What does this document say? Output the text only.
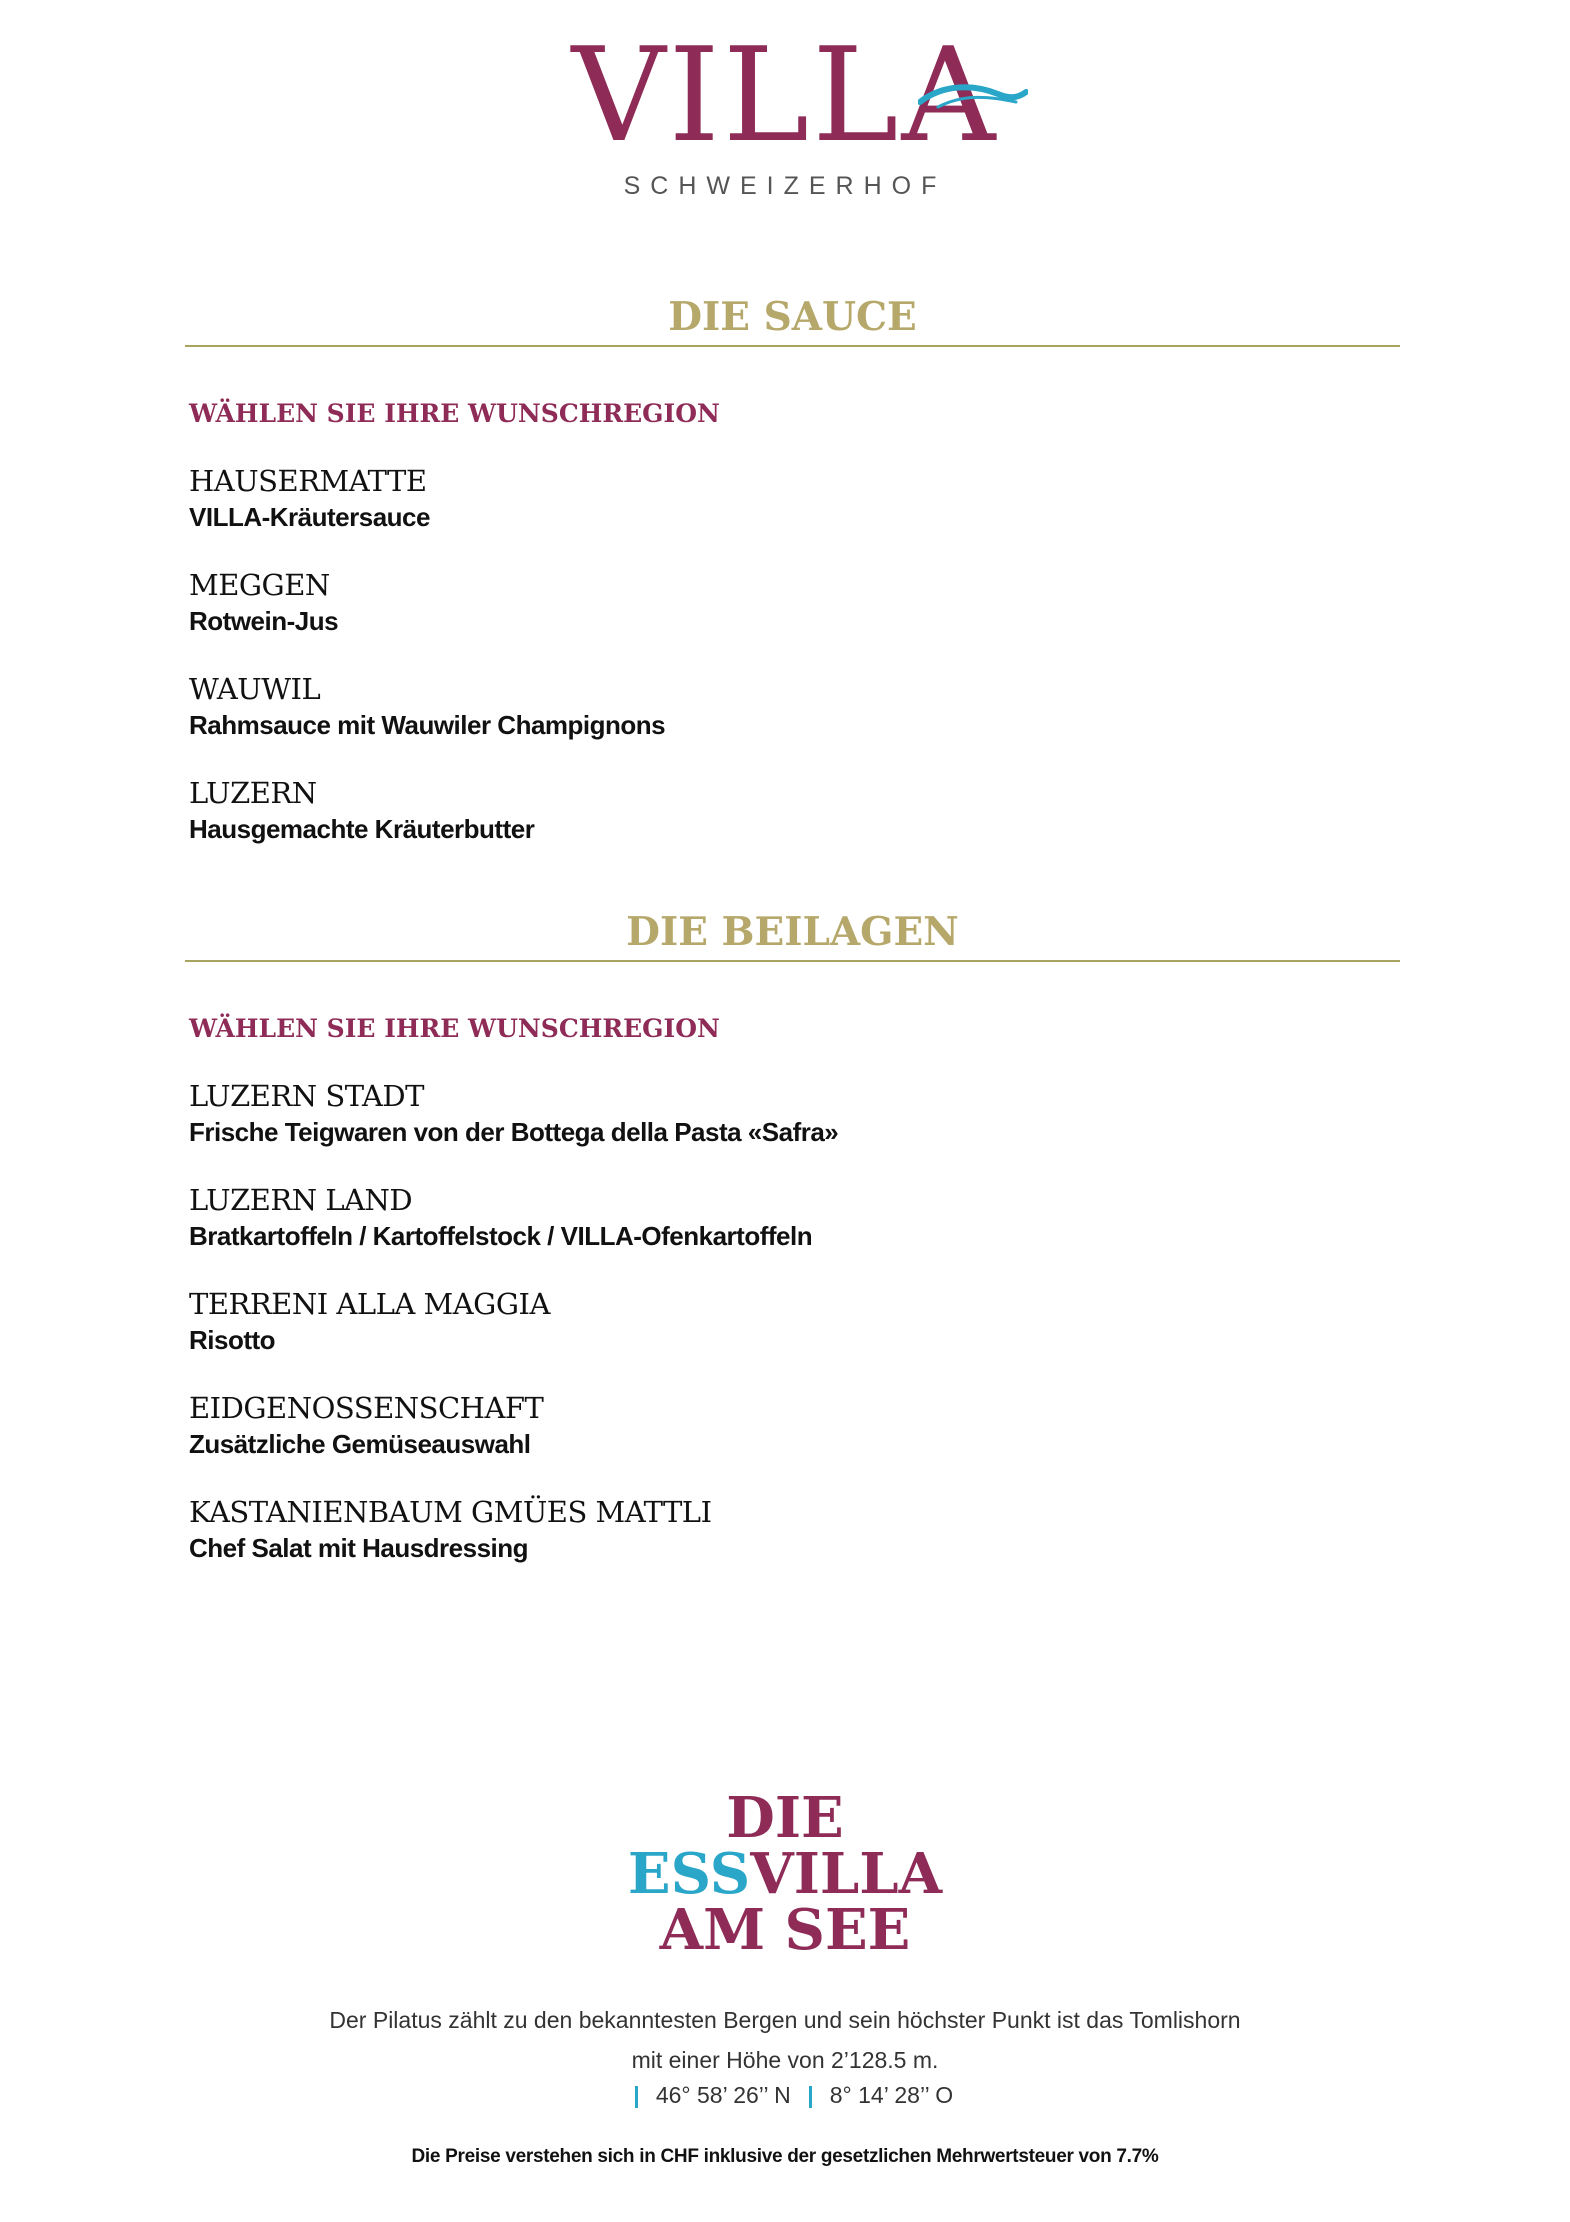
VILLA
SCHWEIZERHOF
DIE SAUCE
WÄHLEN SIE IHRE WUNSCHREGION
HAUSERMATTE
VILLA-Kräutersauce
MEGGEN
Rotwein-Jus
WAUWIL
Rahmsauce mit Wauwiler Champignons
LUZERN
Hausgemachte Kräuterbutter
DIE BEILAGEN
WÄHLEN SIE IHRE WUNSCHREGION
LUZERN STADT
Frische Teigwaren von der Bottega della Pasta «Safra»
LUZERN LAND
Bratkartoffeln / Kartoffelstock / VILLA-Ofenkartoffeln
TERRENI ALLA MAGGIA
Risotto
EIDGENOSSENSCHAFT
Zusätzliche Gemüseauswahl
KASTANIENBAUM GMÜES MATTLI
Chef Salat mit Hausdressing
DIE
ESSVILLA
AM SEE
Der Pilatus zählt zu den bekanntesten Bergen und sein höchster Punkt ist das Tomlishorn
mit einer Höhe von 2’128.5 m.
46° 58’ 26’’ N 8° 14’ 28’’ O
Die Preise verstehen sich in CHF inklusive der gesetzlichen Mehrwertsteuer von 7.7%
